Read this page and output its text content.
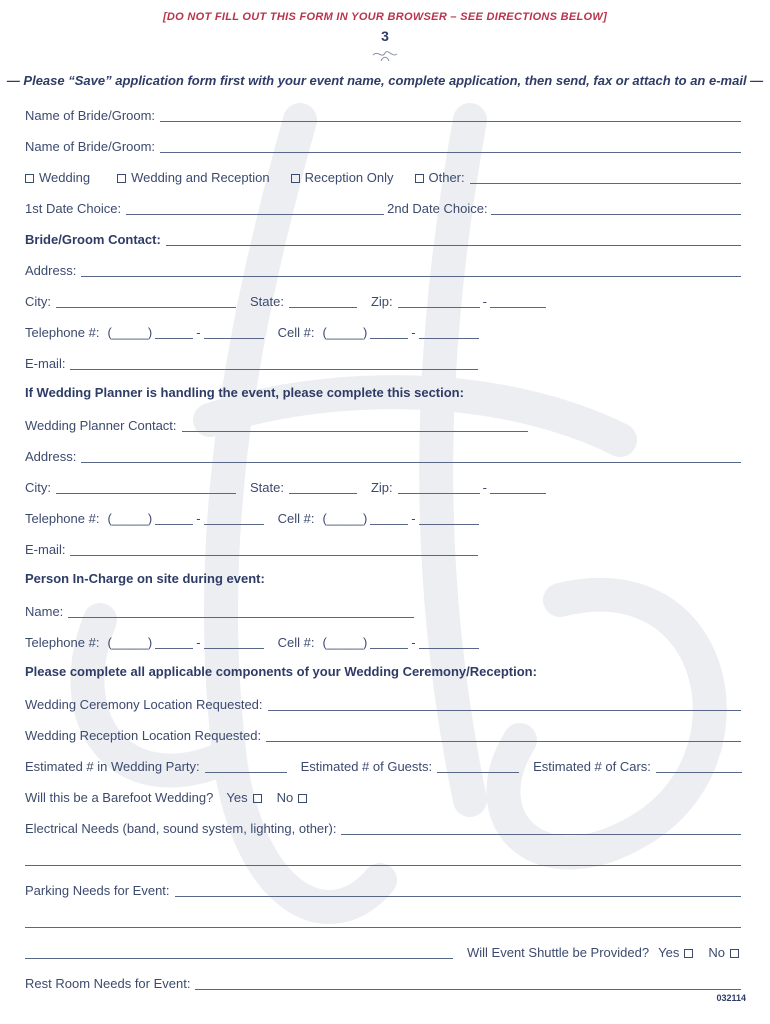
[DO NOT FILL OUT THIS FORM IN YOUR BROWSER – SEE DIRECTIONS BELOW]
3
— Please “Save” application form first with your event name, complete application, then send, fax or attach to an e-mail —
Name of Bride/Groom:
Name of Bride/Groom:
Wedding	Wedding and Reception	Reception Only	Other:
1st Date Choice:	2nd Date Choice:
Bride/Groom Contact:
Address:
City:	State:	Zip:	-
Telephone #: (_____)	-	Cell #: (_____)	-
E-mail:
If Wedding Planner is handling the event, please complete this section:
Wedding Planner Contact:
Address:
City:	State:	Zip:	-
Telephone #: (_____)	-	Cell #: (_____)	-
E-mail:
Person In-Charge on site during event:
Name:
Telephone #: (_____)	-	Cell #: (_____)	-
Please complete all applicable components of your Wedding Ceremony/Reception:
Wedding Ceremony Location Requested:
Wedding Reception Location Requested:
Estimated # in Wedding Party:	Estimated # of Guests:	Estimated # of Cars:
Will this be a Barefoot Wedding?	Yes	No
Electrical Needs (band, sound system, lighting, other):
Parking Needs for Event:
Will Event Shuttle be Provided? Yes	No
Rest Room Needs for Event:
032114
